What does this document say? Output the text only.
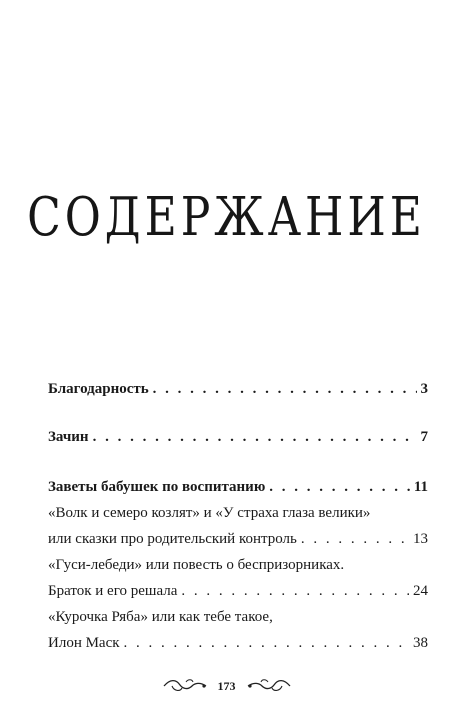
СОДЕРЖАНИЕ
Благодарность . . .	3
Зачин . . .	7
Заветы бабушек по воспитанию . . .	11
«Волк и семеро козлят» и «У страха глаза велики»
или сказки про родительский контроль . . .	13
«Гуси-лебеди» или повесть о беспризорниках.
Браток и его решала . . .	24
«Курочка Ряба» или как тебе такое,
Илон Маск . . .	38
173
